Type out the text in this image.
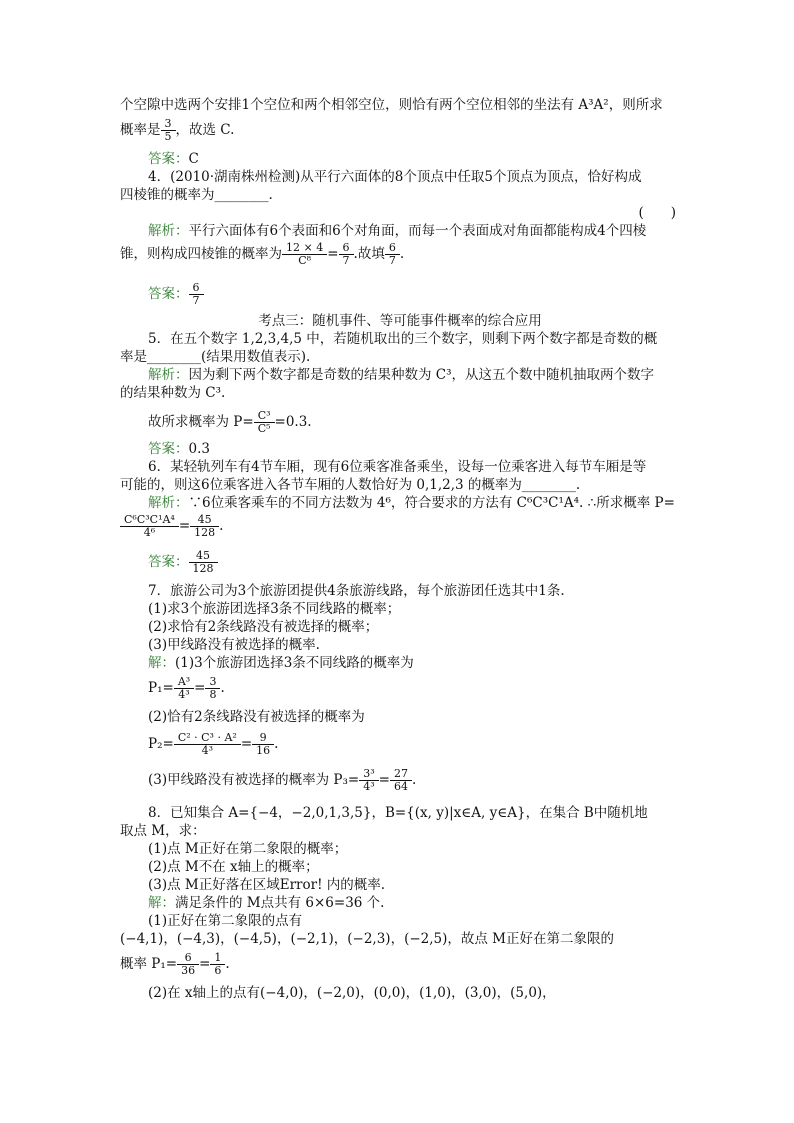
个空隙中选两个安排1个空位和两个相邻空位，则恰有两个空位相邻的坐法有 A³A²，则所求
概率是 $\frac{3}{5}$ ，故选 C.
答案：C
4．(2010·湖南株州检测)从平行六面体的8个顶点中任取5个顶点为顶点，恰好构成
四棱锥的概率为________.
(　　)
解析：平行六面体有6个表面和6个对角面，而每一个表面成对角面都能构成4个四棱
锥，则构成四棱锥的概率为 $\frac{12 \times 4}{\text{C⁸}} = \frac{6}{7}$ .故填 $\frac{6}{7}$ .
答案： $\frac{6}{7}$
考点三：随机事件、等可能事件概率的综合应用
5．在五个数字 1,2,3,4,5 中，若随机取出的三个数字，则剩下两个数字都是奇数的概
率是________(结果用数值表示).
解析：因为剩下两个数字都是奇数的结果种数为 C³，从这五个数中随机抽取两个数字
的结果种数为 C³.
故所求概率为 $P= \frac{\text{C³}}{\text{C⁵}} =0.3$.
答案：0.3
6．某轻轨列车有4节车厢，现有6位乘客准备乘坐，设每一位乘客进入每节车厢是等
可能的，则这6位乘客进入各节车厢的人数恰好为 0,1,2,3 的概率为________.
解析：∵6位乘客乘车的不同方法数为 4⁶，符合要求的方法有 C⁶C³C¹A⁴. ∴所求概率 P=
$\frac{\text{C⁶C³C¹A⁴}}{\text{4⁶}} = \frac{45}{128}$ .
答案： $\frac{45}{128}$
7．旅游公司为3个旅游团提供4条旅游线路，每个旅游团任选其中1条.
(1)求3个旅游团选择3条不同线路的概率；
(2)求恰有2条线路没有被选择的概率；
(3)甲线路没有被选择的概率.
解：(1)3个旅游团选择3条不同线路的概率为
$P_1= \frac{\text{A³}}{\text{4³}} = \frac{3}{8}$ .
(2)恰有2条线路没有被选择的概率为
$P_2= \frac{\text{C² · C³ · A²}}{\text{4³}} = \frac{9}{16}$ .
(3)甲线路没有被选择的概率为 $P_3= \frac{\text{3³}}{\text{4³}} = \frac{27}{64}$ .
8．已知集合 A={−4，−2,0,1,3,5}，B={(x, y)|x∈A, y∈A}，在集合 B中随机地
取点 M，求：
(1)点 M正好在第二象限的概率；
(2)点 M不在 x轴上的概率；
(3)点 M正好落在区域Error! 内的概率.
解：满足条件的 M点共有 6×6=36 个.
(1)正好在第二象限的点有
(−4,1)，(−4,3)，(−4,5)，(−2,1)，(−2,3)，(−2,5)，故点 M正好在第二象限的
概率 $P_1= \frac{6}{36} = \frac{1}{6}$ .
(2)在 x轴上的点有(−4,0)，(−2,0)，(0,0)，(1,0)，(3,0)，(5,0)，
